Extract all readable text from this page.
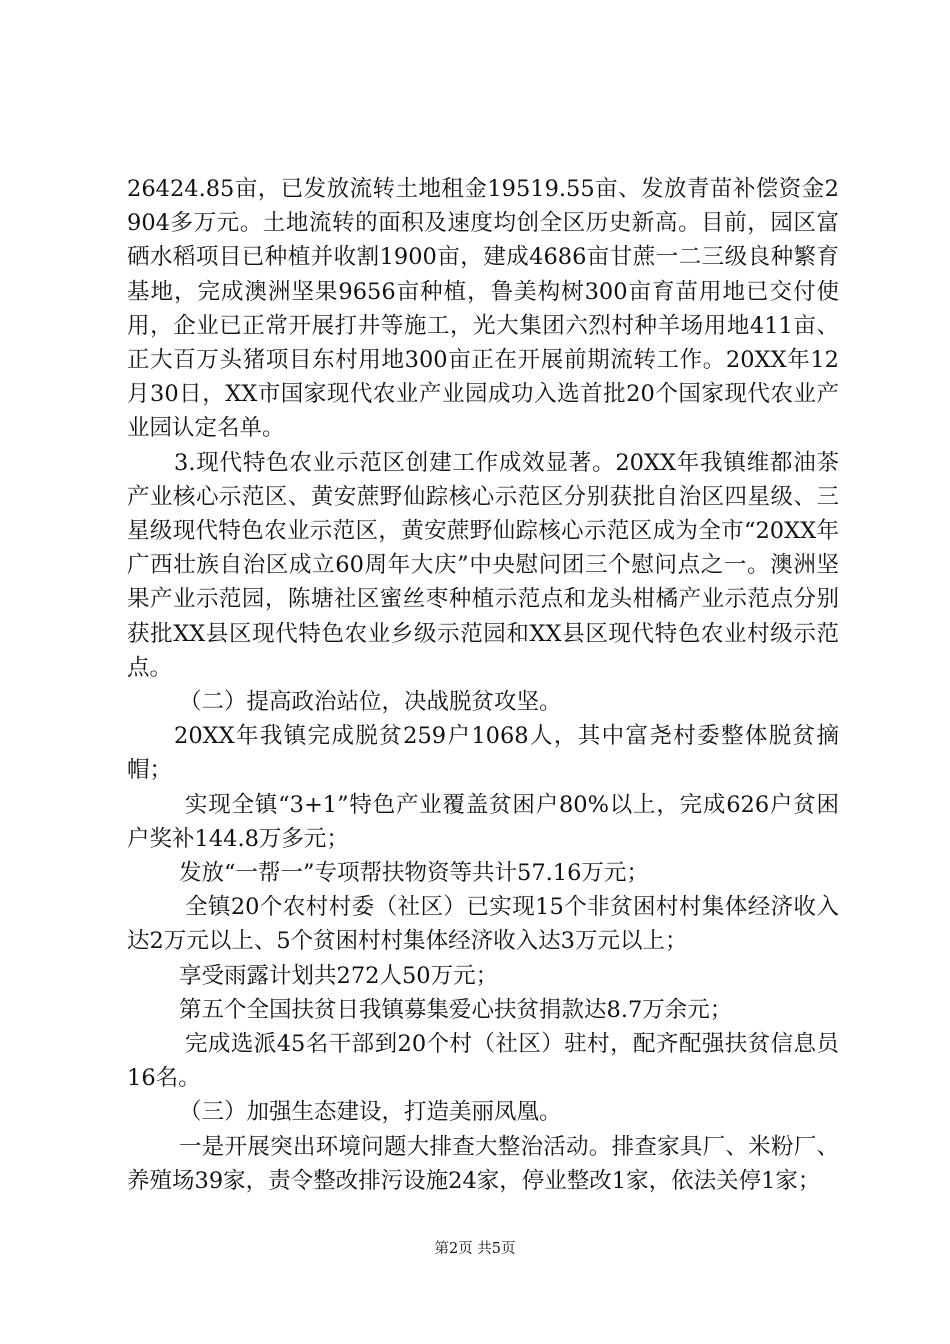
26424.85亩，已发放流转土地租金19519.55亩、发放青苗补偿资金2904多万元。土地流转的面积及速度均创全区历史新高。目前，园区富硒水稻项目已种植并收割1900亩，建成4686亩甘蔗一二三级良种繁育基地，完成澳洲坚果9656亩种植，鲁美构树300亩育苗用地已交付使用，企业已正常开展打井等施工，光大集团六烈村种羊场用地411亩、正大百万头猪项目东村用地300亩正在开展前期流转工作。20XX年12月30日，XX市国家现代农业产业园成功入选首批20个国家现代农业产业园认定名单。

3.现代特色农业示范区创建工作成效显著。20XX年我镇维都油茶产业核心示范区、黄安蔗野仙踪核心示范区分别获批自治区四星级、三星级现代特色农业示范区，黄安蔗野仙踪核心示范区成为全市“20XX年广西壮族自治区成立60周年大庆”中央慰问团三个慰问点之一。澳洲坚果产业示范园，陈塘社区蜜丝枣种植示范点和龙头柑橘产业示范点分别获批XX县区现代特色农业乡级示范园和XX县区现代特色农业村级示范点。

（二）提高政治站位，决战脱贫攻坚。

20XX年我镇完成脱贫259户1068人，其中富尧村委整体脱贫摘帽；

实现全镇“3+1”特色产业覆盖贫困户80%以上，完成626户贫困户奖补144.8万多元；

发放“一帮一”专项帮扶物资等共计57.16万元；

全镇20个农村村委（社区）已实现15个非贫困村村集体经济收入达2万元以上、5个贫困村村集体经济收入达3万元以上；

享受雨露计划共272人50万元；

第五个全国扶贫日我镇募集爱心扶贫捐款达8.7万余元；

完成选派45名干部到20个村（社区）驻村，配齐配强扶贫信息员16名。

（三）加强生态建设，打造美丽凤凰。

一是开展突出环境问题大排查大整治活动。排查家具厂、米粉厂、养殖场39家，责令整改排污设施24家，停业整改1家，依法关停1家；

第2页 共5页
